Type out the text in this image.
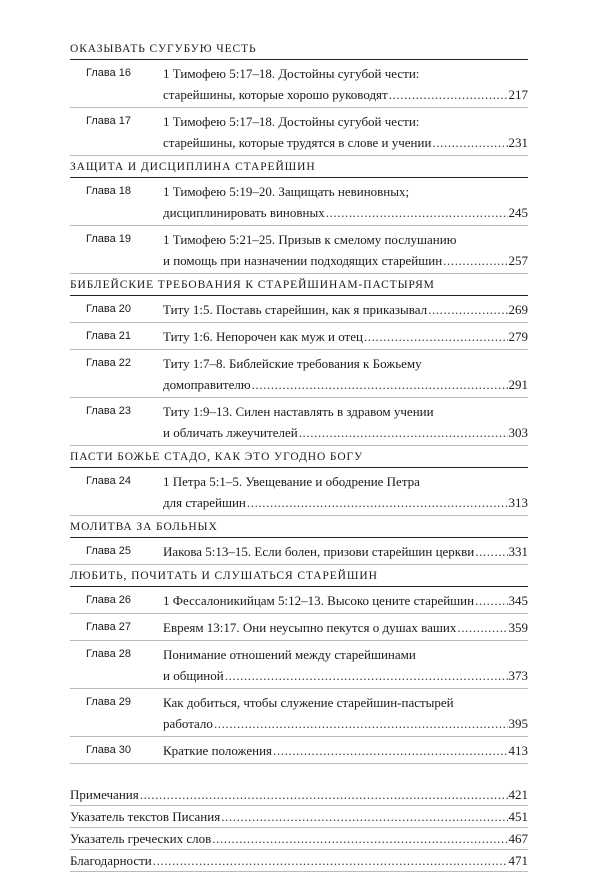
ОКАЗЫВАТЬ СУГУБУЮ ЧЕСТЬ
Глава 16	1 Тимофею 5:17–18. Достойны сугубой чести:
старейшины, которые хорошо руководят .....	217
Глава 17	1 Тимофею 5:17–18. Достойны сугубой чести:
старейшины, которые трудятся в слове и учении .....	231
ЗАЩИТА И ДИСЦИПЛИНА СТАРЕЙШИН
Глава 18	1 Тимофею 5:19–20. Защищать невиновных;
дисциплинировать виновных .....	245
Глава 19	1 Тимофею 5:21–25. Призыв к смелому послушанию
и помощь при назначении подходящих старейшин .....	257
БИБЛЕЙСКИЕ ТРЕБОВАНИЯ К СТАРЕЙШИНАМ-ПАСТЫРЯМ
Глава 20	Титу 1:5. Поставь старейшин, как я приказывал .....	269
Глава 21	Титу 1:6. Непорочен как муж и отец .....	279
Глава 22	Титу 1:7–8. Библейские требования к Божьему
домоправителю .....	291
Глава 23	Титу 1:9–13. Силен наставлять в здравом учении
и обличать лжеучителей .....	303
ПАСТИ БОЖЬЕ СТАДО, КАК ЭТО УГОДНО БОГУ
Глава 24	1 Петра 5:1–5. Увещевание и ободрение Петра
для старейшин .....	313
МОЛИТВА ЗА БОЛЬНЫХ
Глава 25	Иакова 5:13–15. Если болен, призови старейшин церкви .....	331
ЛЮБИТЬ, ПОЧИТАТЬ И СЛУШАТЬСЯ СТАРЕЙШИН
Глава 26	1 Фессалоникийцам 5:12–13. Высоко цените старейшин .....	345
Глава 27	Евреям 13:17. Они неусыпно пекутся о душах ваших .....	359
Глава 28	Понимание отношений между старейшинами
и общиной .....	373
Глава 29	Как добиться, чтобы служение старейшин-пастырей
работало .....	395
Глава 30	Краткие положения .....	413
Примечания .....	421
Указатель текстов Писания .....	451
Указатель греческих слов .....	467
Благодарности .....	471
